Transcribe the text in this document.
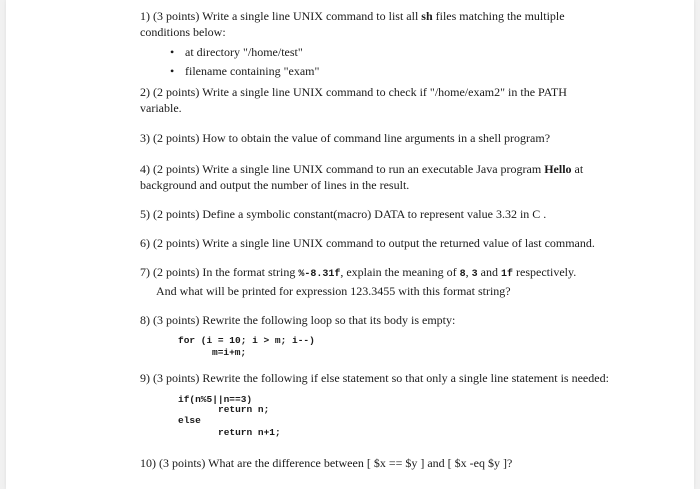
1) (3 points) Write a single line UNIX command to list all sh files matching the multiple conditions below:
• at directory "/home/test"
• filename containing "exam"
2) (2 points) Write a single line UNIX command to check if "/home/exam2" in the PATH variable.
3) (2 points) How to obtain the value of command line arguments in a shell program?
4) (2 points) Write a single line UNIX command to run an executable Java program Hello at background and output the number of lines in the result.
5) (2 points) Define a symbolic constant(macro) DATA to represent value 3.32 in C .
6) (2 points) Write a single line UNIX command to output the returned value of last command.
7) (2 points) In the format string %-8.31f, explain the meaning of 8, 3 and 1f respectively.
And what will be printed for expression 123.3455 with this format string?
8) (3 points) Rewrite the following loop so that its body is empty:
for (i = 10; i > m; i--)
m=i+m;
9) (3 points) Rewrite the following if else statement so that only a single line statement is needed:
if(n%5||n==3)
return n;
else
return n+1;
10) (3 points) What are the difference between [ $x == $y ] and [ $x -eq $y ]?
